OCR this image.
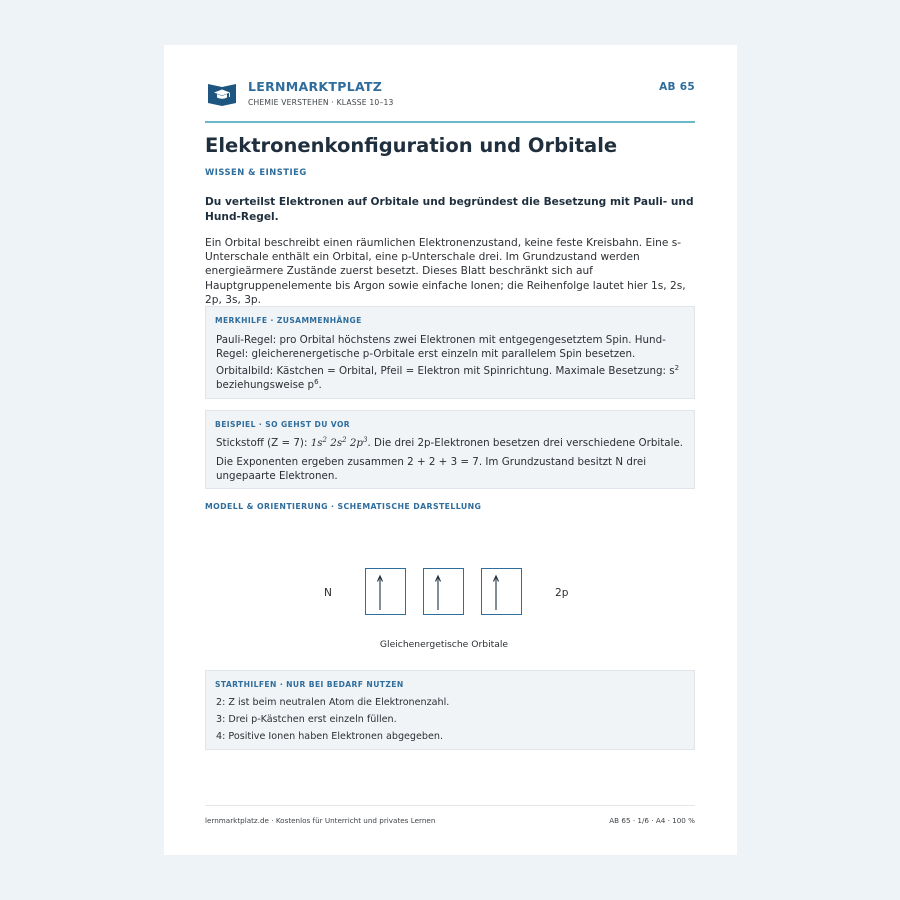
LERNMARKTPLATZ
CHEMIE VERSTEHEN · KLASSE 10–13
AB 65
Elektronenkonfiguration und Orbitale
WISSEN & EINSTIEG
Du verteilst Elektronen auf Orbitale und begründest die Besetzung mit Pauli- und Hund-Regel.
Ein Orbital beschreibt einen räumlichen Elektronenzustand, keine feste Kreisbahn. Eine s-Unterschale enthält ein Orbital, eine p-Unterschale drei. Im Grundzustand werden energieärmere Zustände zuerst besetzt. Dieses Blatt beschränkt sich auf Hauptgruppenelemente bis Argon sowie einfache Ionen; die Reihenfolge lautet hier 1s, 2s, 2p, 3s, 3p.
MERKHILFE · ZUSAMMENHÄNGE
Pauli-Regel: pro Orbital höchstens zwei Elektronen mit entgegengesetztem Spin. Hund-Regel: gleicherenergetische p-Orbitale erst einzeln mit parallelem Spin besetzen.
Orbitalbild: Kästchen = Orbital, Pfeil = Elektron mit Spinrichtung. Maximale Besetzung: $s^2$
beziehungsweise $p^6$.
BEISPIEL · SO GEHST DU VOR
Stickstoff (Z = 7): $1s^2$ $2s^2$ $2p^3$. Die drei 2p-Elektronen besetzen drei verschiedene Orbitale.
Die Exponenten ergeben zusammen 2 + 2 + 3 = 7. Im Grundzustand besitzt N drei ungepaarte Elektronen.
MODELL & ORIENTIERUNG · SCHEMATISCHE DARSTELLUNG
N	2p
Gleichenergetische Orbitale
STARTHILFEN · NUR BEI BEDARF NUTZEN
2: Z ist beim neutralen Atom die Elektronenzahl.
3: Drei p-Kästchen erst einzeln füllen.
4: Positive Ionen haben Elektronen abgegeben.
lernmarktplatz.de · Kostenlos für Unterricht und privates Lernen	AB 65 · 1/6 · A4 · 100 %
